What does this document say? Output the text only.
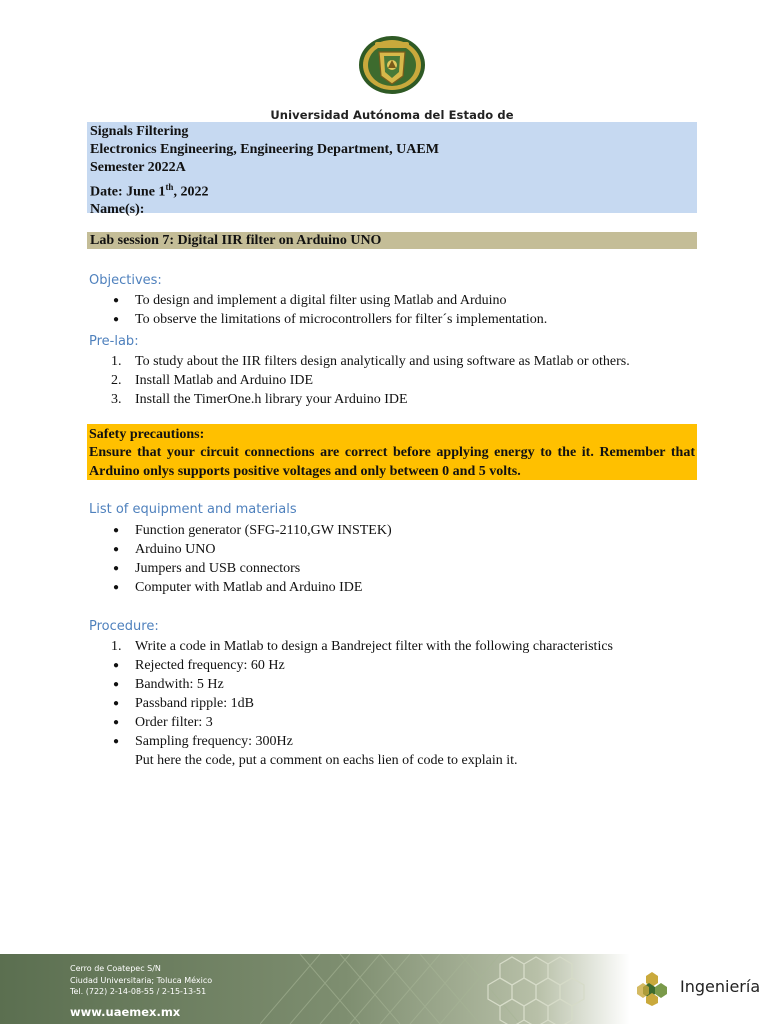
Universidad Autónoma del Estado de
Signals Filtering
Electronics Engineering, Engineering Department, UAEM
Semester 2022A
Date: June 1th, 2022
Name(s):
Lab session 7: Digital IIR filter on Arduino UNO
Objectives:
●	To design and implement a digital filter using Matlab and Arduino
●	To observe the limitations of microcontrollers for filter´s implementation.
Pre-lab:
1. To study about the IIR filters design analytically and using software as Matlab or others.
2. Install Matlab and Arduino IDE
3. Install the TimerOne.h library your Arduino IDE
Safety precautions:
Ensure that your circuit connections are correct before applying energy to the it. Remember that Arduino onlys supports positive voltages and only between 0 and 5 volts.
List of equipment and materials
●	Function generator (SFG-2110,GW INSTEK)
●	Arduino UNO
●	Jumpers and USB connectors
●	Computer with Matlab and Arduino IDE
Procedure:
1. Write a code in Matlab to design a Bandreject filter with the following characteristics
●	Rejected frequency: 60 Hz
●	Bandwith: 5 Hz
●	Passband ripple: 1dB
●	Order filter: 3
●	Sampling frequency: 300Hz
Put here the code, put a comment on eachs lien of code to explain it.
Cerro de Coatepec S/N
Ciudad Universitaria; Toluca México
Tel. (722) 2-14-08-55 / 2-15-13-51
www.uaemex.mx
Ingeniería
